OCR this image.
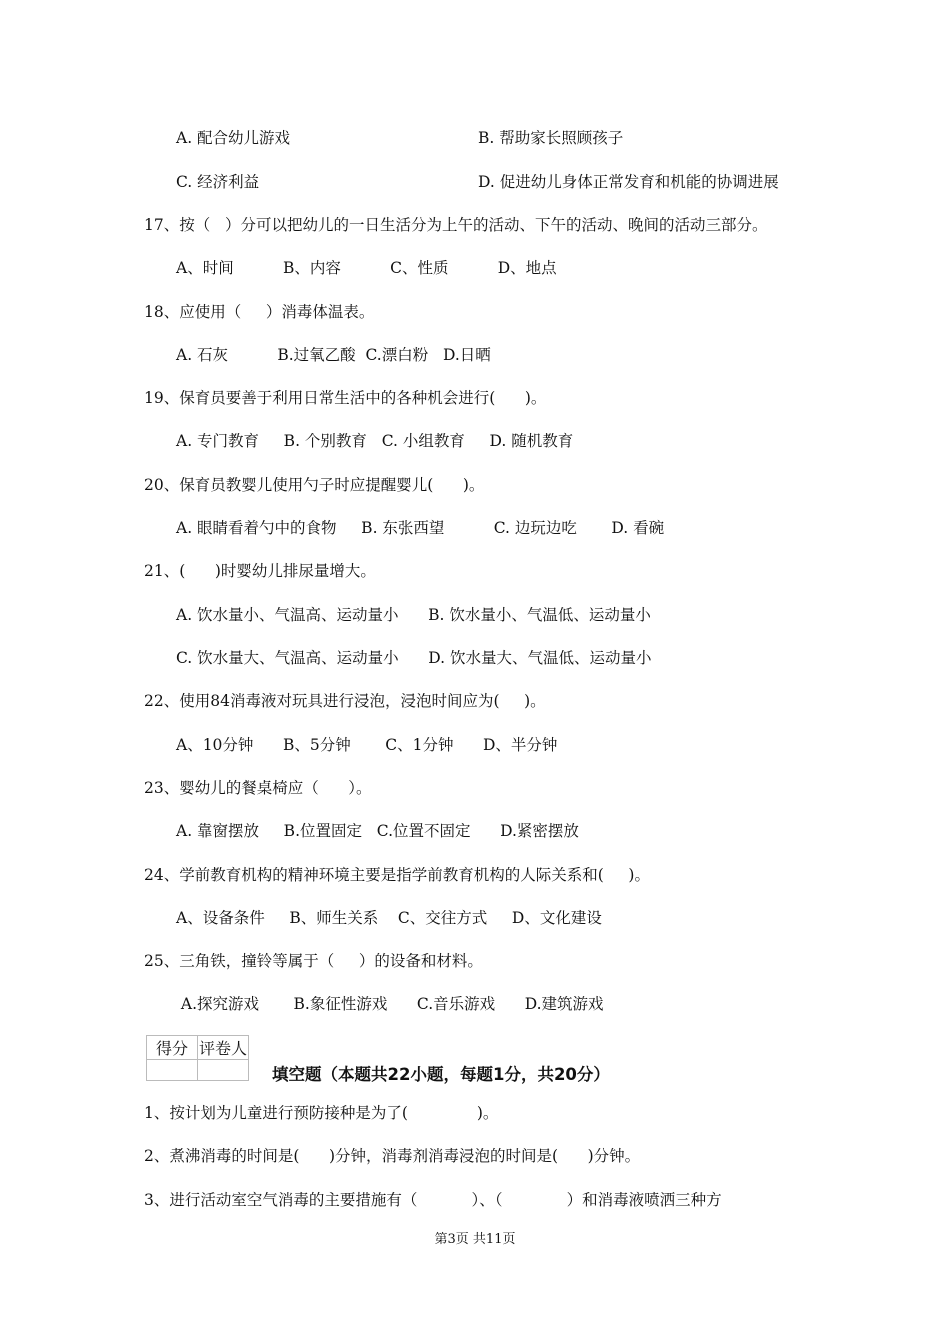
A. 配合幼儿游戏	B. 帮助家长照顾孩子
C. 经济利益	D. 促进幼儿身体正常发育和机能的协调进展
17、按（   ）分可以把幼儿的一日生活分为上午的活动、下午的活动、晚间的活动三部分。
A、时间          B、内容          C、性质          D、地点
18、应使用（     ）消毒体温表。
A. 石灰          B.过氧乙酸  C.漂白粉   D.日晒
19、保育员要善于利用日常生活中的各种机会进行(      )。
A. 专门教育     B. 个别教育   C. 小组教育     D. 随机教育
20、保育员教婴儿使用勺子时应提醒婴儿(      )。
A. 眼睛看着勺中的食物     B. 东张西望          C. 边玩边吃       D. 看碗
21、(      )时婴幼儿排尿量增大。
A. 饮水量小、气温高、运动量小      B. 饮水量小、气温低、运动量小
C. 饮水量大、气温高、运动量小      D. 饮水量大、气温低、运动量小
22、使用84消毒液对玩具进行浸泡，浸泡时间应为(     )。
A、10分钟      B、5分钟       C、1分钟      D、半分钟
23、婴幼儿的餐桌椅应（      ）。
A. 靠窗摆放     B.位置固定   C.位置不固定      D.紧密摆放
24、学前教育机构的精神环境主要是指学前教育机构的人际关系和(     )。
A、设备条件     B、师生关系    C、交往方式     D、文化建设
25、三角铁，撞铃等属于（     ）的设备和材料。
A.探究游戏       B.象征性游戏      C.音乐游戏      D.建筑游戏
得分	评卷人

填空题（本题共22小题，每题1分，共20分）
1、按计划为儿童进行预防接种是为了(              )。
2、煮沸消毒的时间是(      )分钟，消毒剂消毒浸泡的时间是(      )分钟。
3、进行活动室空气消毒的主要措施有（           ）、（             ）和消毒液喷洒三种方
第3页 共11页
